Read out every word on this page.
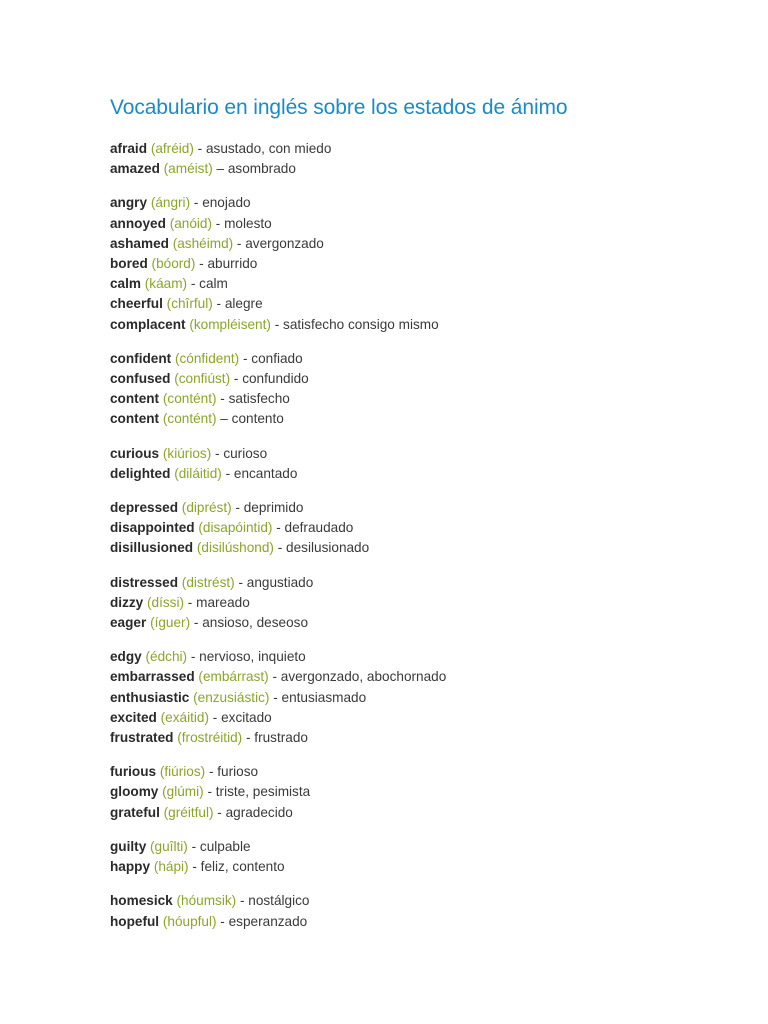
Vocabulario en inglés sobre los estados de ánimo
afraid (afréid) - asustado, con miedo
amazed (améist) – asombrado
angry (ángri) - enojado
annoyed (anóid) - molesto
ashamed (ashéimd) - avergonzado
bored (bóord) - aburrido
calm (káam) - calm
cheerful (chîrful) - alegre
complacent (kompléisent) - satisfecho consigo mismo
confident (cónfident) - confiado
confused (confiúst) - confundido
content (contént) - satisfecho
content (contént) – contento
curious (kiúrios) - curioso
delighted (diláitid) - encantado
depressed (diprést) - deprimido
disappointed (disapóintid) - defraudado
disillusioned (disilúshond) - desilusionado
distressed (distrést) - angustiado
dizzy (díssi) - mareado
eager (íguer) - ansioso, deseoso
edgy (édchi) - nervioso, inquieto
embarrassed (embárrast) - avergonzado, abochornado
enthusiastic (enzusiástic) - entusiasmado
excited (exáitid) - excitado
frustrated (frostréitid) - frustrado
furious (fiúrios) - furioso
gloomy (glúmi) - triste, pesimista
grateful (gréitful) - agradecido
guilty (guîlti) - culpable
happy (hápi) - feliz, contento
homesick (hóumsik) - nostálgico
hopeful (hóupful) - esperanzado
